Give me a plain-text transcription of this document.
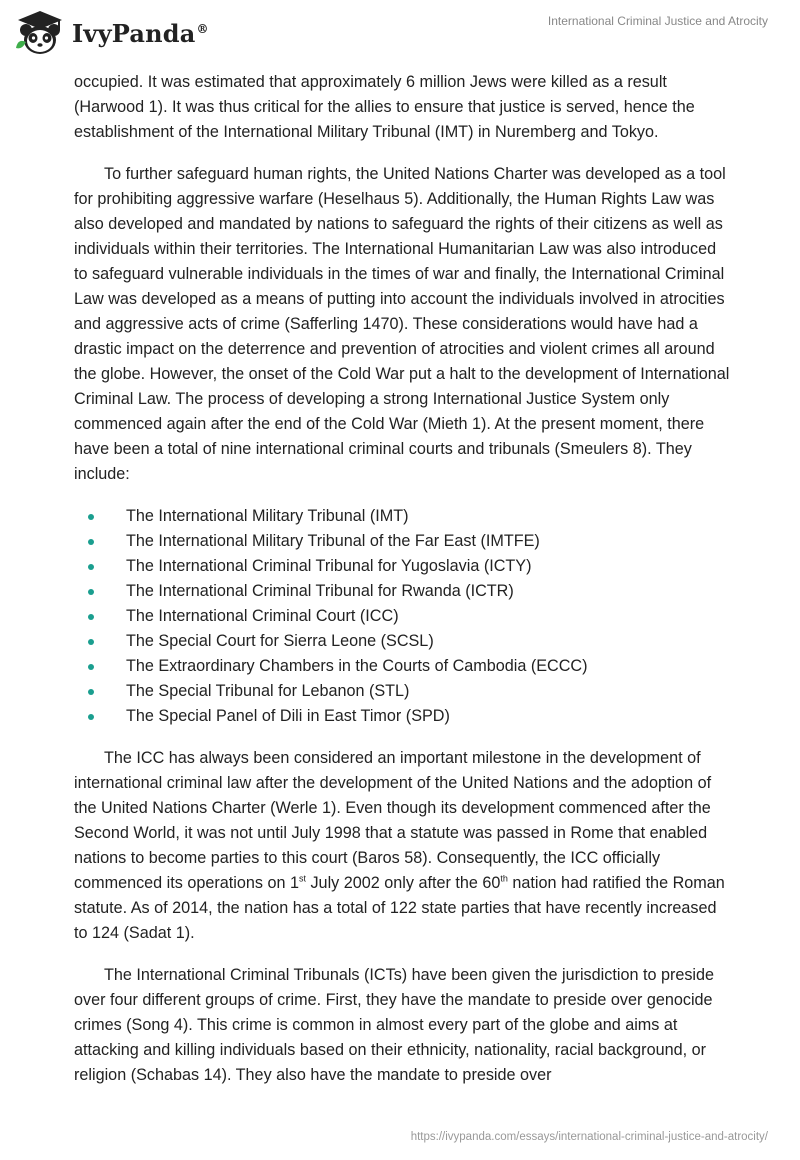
IvyPanda®
International Criminal Justice and Atrocity

occupied. It was estimated that approximately 6 million Jews were killed as a result (Harwood 1). It was thus critical for the allies to ensure that justice is served, hence the establishment of the International Military Tribunal (IMT) in Nuremberg and Tokyo.

To further safeguard human rights, the United Nations Charter was developed as a tool for prohibiting aggressive warfare (Heselhaus 5). Additionally, the Human Rights Law was also developed and mandated by nations to safeguard the rights of their citizens as well as individuals within their territories. The International Humanitarian Law was also introduced to safeguard vulnerable individuals in the times of war and finally, the International Criminal Law was developed as a means of putting into account the individuals involved in atrocities and aggressive acts of crime (Safferling 1470). These considerations would have had a drastic impact on the deterrence and prevention of atrocities and violent crimes all around the globe. However, the onset of the Cold War put a halt to the development of International Criminal Law. The process of developing a strong International Justice System only commenced again after the end of the Cold War (Mieth 1). At the present moment, there have been a total of nine international criminal courts and tribunals (Smeulers 8). They include:

The International Military Tribunal (IMT)
The International Military Tribunal of the Far East (IMTFE)
The International Criminal Tribunal for Yugoslavia (ICTY)
The International Criminal Tribunal for Rwanda (ICTR)
The International Criminal Court (ICC)
The Special Court for Sierra Leone (SCSL)
The Extraordinary Chambers in the Courts of Cambodia (ECCC)
The Special Tribunal for Lebanon (STL)
The Special Panel of Dili in East Timor (SPD)

The ICC has always been considered an important milestone in the development of international criminal law after the development of the United Nations and the adoption of the United Nations Charter (Werle 1). Even though its development commenced after the Second World, it was not until July 1998 that a statute was passed in Rome that enabled nations to become parties to this court (Baros 58). Consequently, the ICC officially commenced its operations on 1st July 2002 only after the 60th nation had ratified the Roman statute. As of 2014, the nation has a total of 122 state parties that have recently increased to 124 (Sadat 1).

The International Criminal Tribunals (ICTs) have been given the jurisdiction to preside over four different groups of crime. First, they have the mandate to preside over genocide crimes (Song 4). This crime is common in almost every part of the globe and aims at attacking and killing individuals based on their ethnicity, nationality, racial background, or religion (Schabas 14). They also have the mandate to preside over

https://ivypanda.com/essays/international-criminal-justice-and-atrocity/
